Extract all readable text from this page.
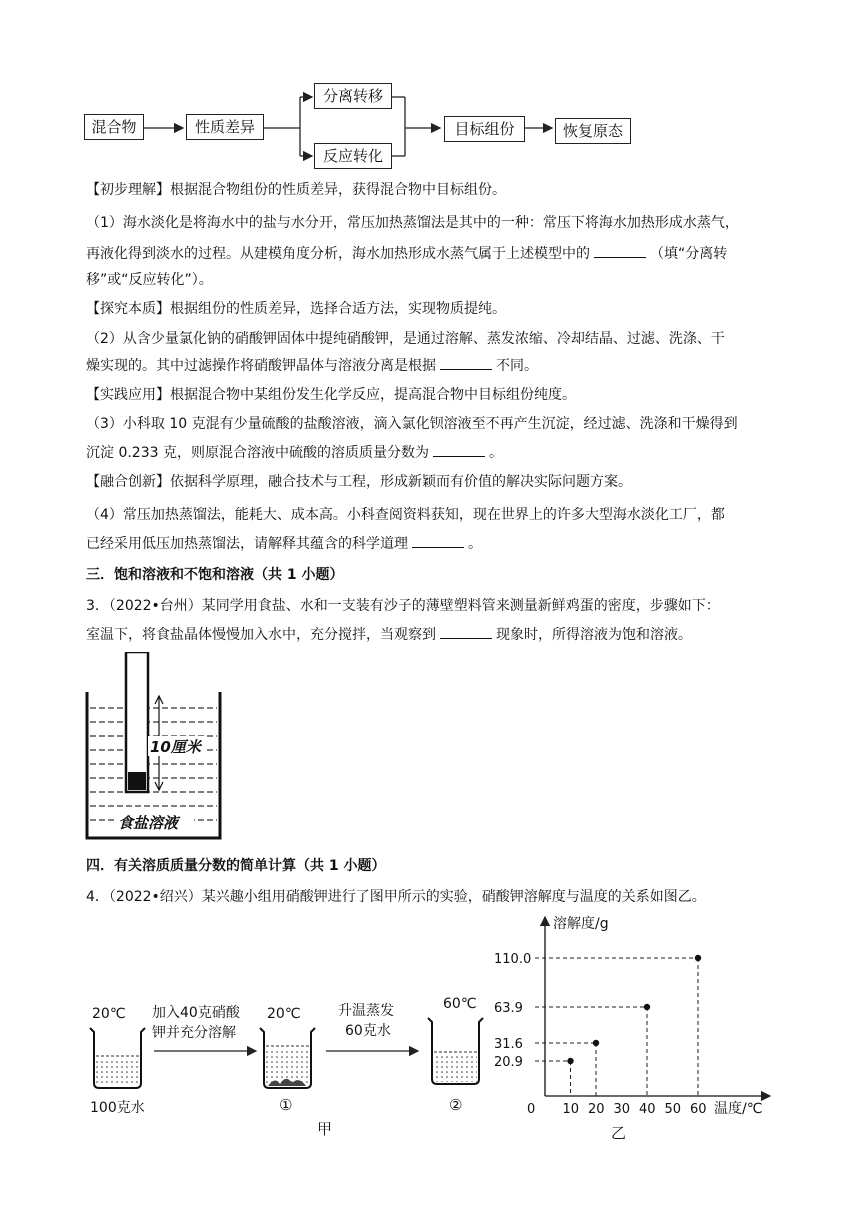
混合物	性质差异
分离转移
反应转化
目标组份	恢复原态
【初步理解】根据混合物组份的性质差异，获得混合物中目标组份。
（1）海水淡化是将海水中的盐与水分开，常压加热蒸馏法是其中的一种：常压下将海水加热形成水蒸气，
再液化得到淡水的过程。从建模角度分析，海水加热形成水蒸气属于上述模型中的	（填“分离转
移”或“反应转化”）。
【探究本质】根据组份的性质差异，选择合适方法，实现物质提纯。
（2）从含少量氯化钠的硝酸钾固体中提纯硝酸钾，是通过溶解、蒸发浓缩、冷却结晶、过滤、洗涤、干
燥实现的。其中过滤操作将硝酸钾晶体与溶液分离是根据	不同。
【实践应用】根据混合物中某组份发生化学反应，提高混合物中目标组份纯度。
（3）小科取 10 克混有少量硫酸的盐酸溶液，滴入氯化钡溶液至不再产生沉淀，经过滤、洗涤和干燥得到
沉淀 0.233 克，则原混合溶液中硫酸的溶质质量分数为	。
【融合创新】依据科学原理，融合技术与工程，形成新颖而有价值的解决实际问题方案。
（4）常压加热蒸馏法，能耗大、成本高。小科查阅资料获知，现在世界上的许多大型海水淡化工厂，都
已经采用低压加热蒸馏法，请解释其蕴含的科学道理	。
三．饱和溶液和不饱和溶液（共 1 小题）
3．（2022•台州）某同学用食盐、水和一支装有沙子的薄壁塑料管来测量新鲜鸡蛋的密度，步骤如下：
室温下，将食盐晶体慢慢加入水中，充分搅拌，当观察到	现象时，所得溶液为饱和溶液。
10厘米
食盐溶液
四．有关溶质质量分数的简单计算（共 1 小题）
4．（2022•绍兴）某兴趣小组用硝酸钾进行了图甲所示的实验，硝酸钾溶解度与温度的关系如图乙。
20℃
100克水
加入40克硝酸
钾并充分溶解
20℃
①
升温蒸发
60克水
60℃
②
甲
溶解度/g
温度/℃
0 10 20 30 40 50 60
20.9
31.6
63.9
110.0
乙
